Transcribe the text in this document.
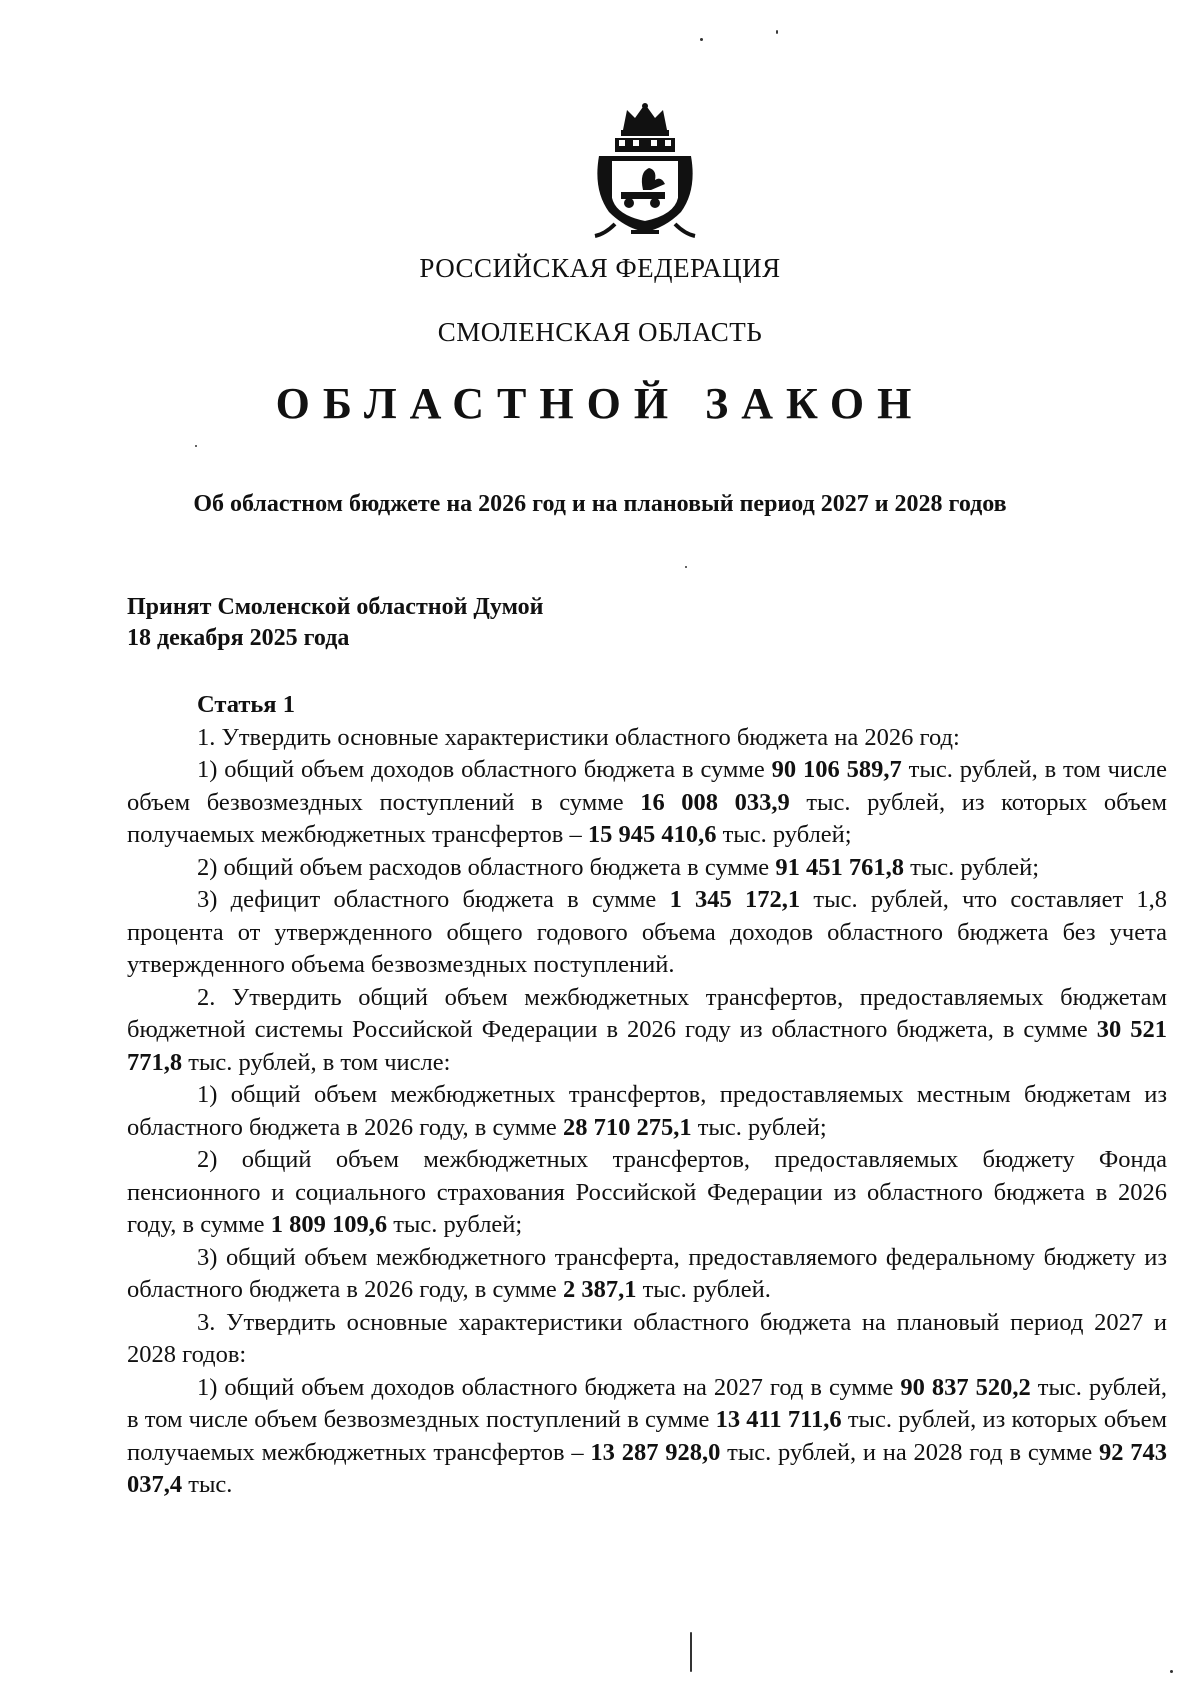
РОССИЙСКАЯ ФЕДЕРАЦИЯ
СМОЛЕНСКАЯ ОБЛАСТЬ
ОБЛАСТНОЙ ЗАКОН
Об областном бюджете на 2026 год и на плановый период 2027 и 2028 годов
Принят Смоленской областной Думой
18 декабря 2025 года

Статья 1

1. Утвердить основные характеристики областного бюджета на 2026 год:

1) общий объем доходов областного бюджета в сумме 90 106 589,7 тыс. рублей, в том числе объем безвозмездных поступлений в сумме 16 008 033,9 тыс. рублей, из которых объем получаемых межбюджетных трансфертов – 15 945 410,6 тыс. рублей;

2) общий объем расходов областного бюджета в сумме 91 451 761,8 тыс. рублей;

3) дефицит областного бюджета в сумме 1 345 172,1 тыс. рублей, что составляет 1,8 процента от утвержденного общего годового объема доходов областного бюджета без учета утвержденного объема безвозмездных поступлений.

2. Утвердить общий объем межбюджетных трансфертов, предоставляемых бюджетам бюджетной системы Российской Федерации в 2026 году из областного бюджета, в сумме 30 521 771,8 тыс. рублей, в том числе:

1) общий объем межбюджетных трансфертов, предоставляемых местным бюджетам из областного бюджета в 2026 году, в сумме 28 710 275,1 тыс. рублей;

2) общий объем межбюджетных трансфертов, предоставляемых бюджету Фонда пенсионного и социального страхования Российской Федерации из областного бюджета в 2026 году, в сумме 1 809 109,6 тыс. рублей;

3) общий объем межбюджетного трансферта, предоставляемого федеральному бюджету из областного бюджета в 2026 году, в сумме 2 387,1 тыс. рублей.

3. Утвердить основные характеристики областного бюджета на плановый период 2027 и 2028 годов:

1) общий объем доходов областного бюджета на 2027 год в сумме 90 837 520,2 тыс. рублей, в том числе объем безвозмездных поступлений в сумме 13 411 711,6 тыс. рублей, из которых объем получаемых межбюджетных трансфертов – 13 287 928,0 тыс. рублей, и на 2028 год в сумме 92 743 037,4 тыс.
